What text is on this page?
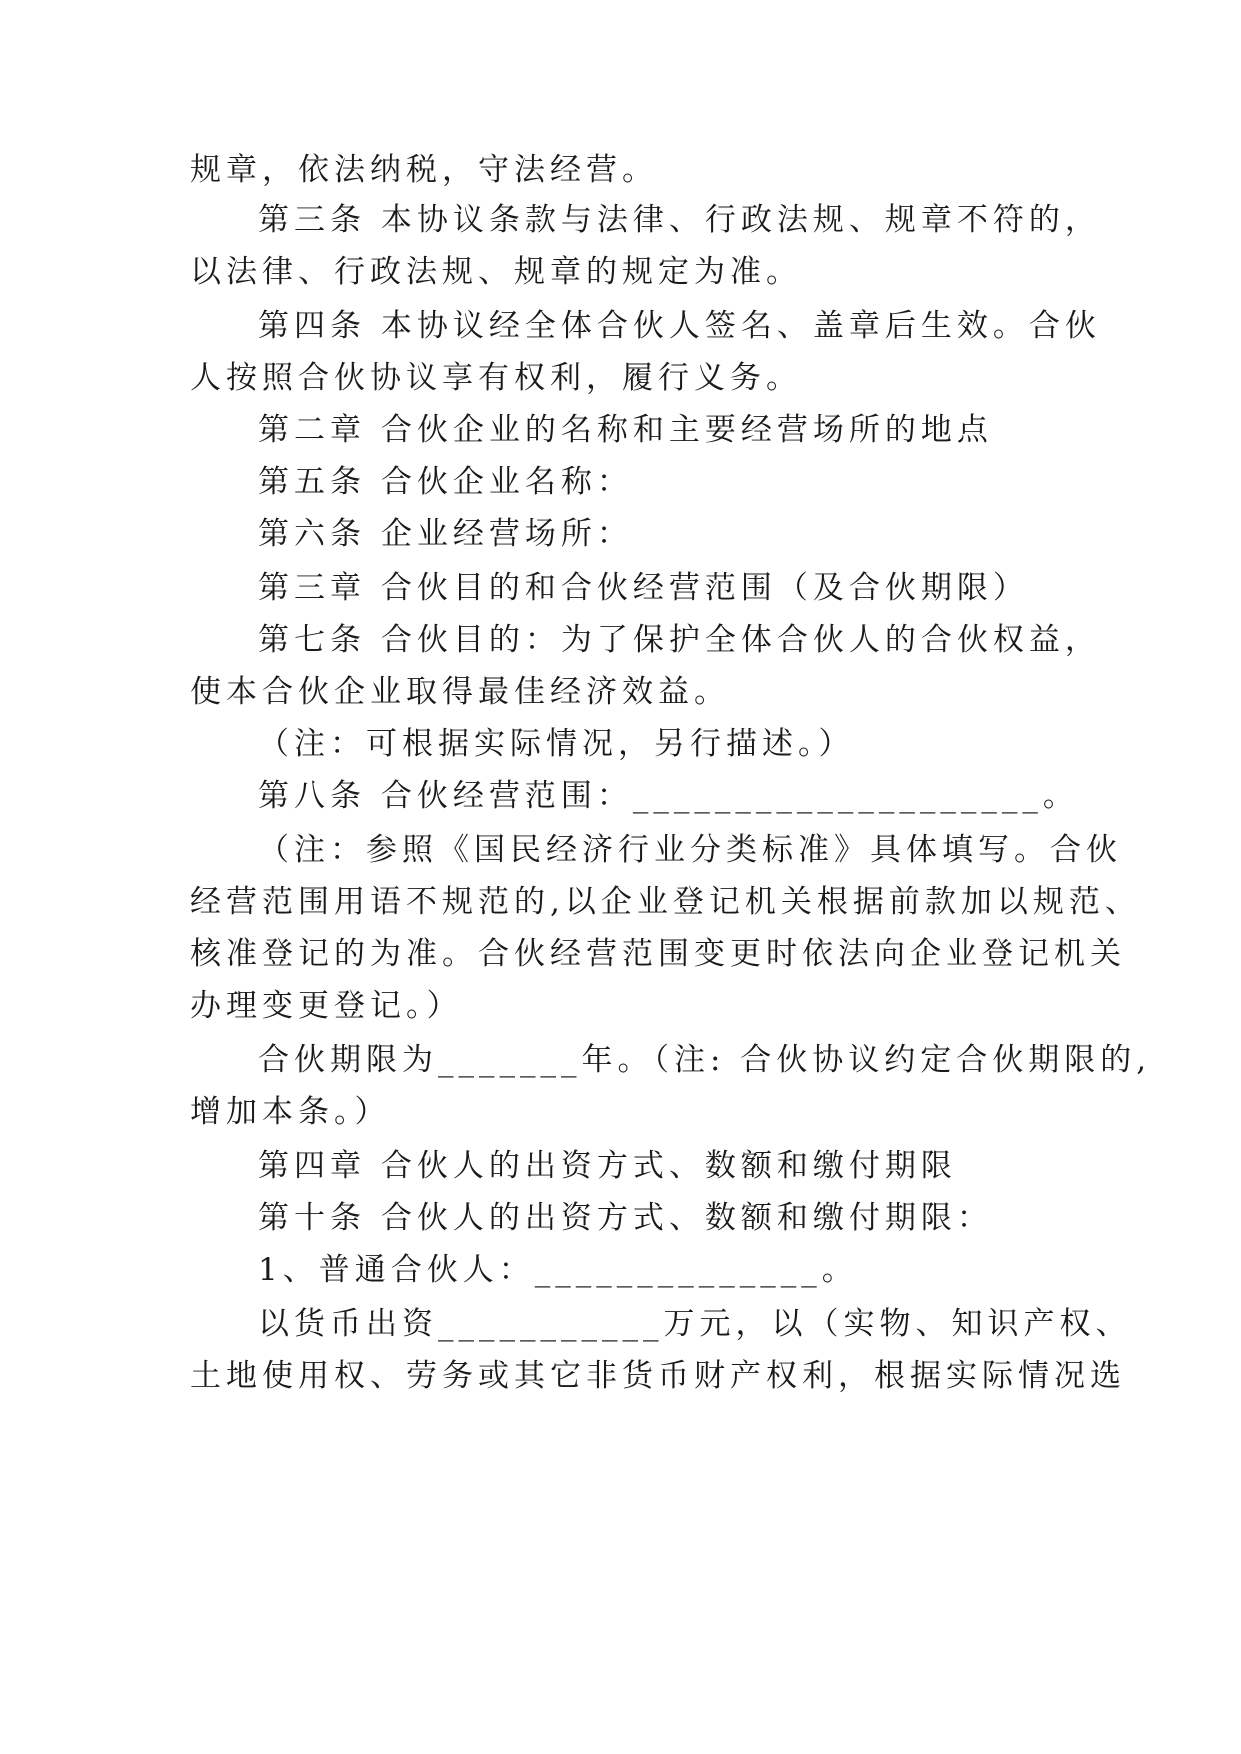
规章，依法纳税，守法经营。
第三条 本协议条款与法律、行政法规、规章不符的，
以法律、行政法规、规章的规定为准。
第四条 本协议经全体合伙人签名、盖章后生效。合伙
人按照合伙协议享有权利，履行义务。
第二章 合伙企业的名称和主要经营场所的地点
第五条 合伙企业名称：
第六条 企业经营场所：
第三章 合伙目的和合伙经营范围（及合伙期限）
第七条 合伙目的：为了保护全体合伙人的合伙权益，
使本合伙企业取得最佳经济效益。
（注：可根据实际情况，另行描述。）
第八条 合伙经营范围：____________________。
（注：参照《国民经济行业分类标准》具体填写。合伙
经营范围用语不规范的,以企业登记机关根据前款加以规范、
核准登记的为准。合伙经营范围变更时依法向企业登记机关
办理变更登记。）
合伙期限为_______年。（注: 合伙协议约定合伙期限的,
增加本条。）
第四章 合伙人的出资方式、数额和缴付期限
第十条 合伙人的出资方式、数额和缴付期限：
1、普通合伙人：______________。
以货币出资___________万元，以（实物、知识产权、
土地使用权、劳务或其它非货币财产权利，根据实际情况选
